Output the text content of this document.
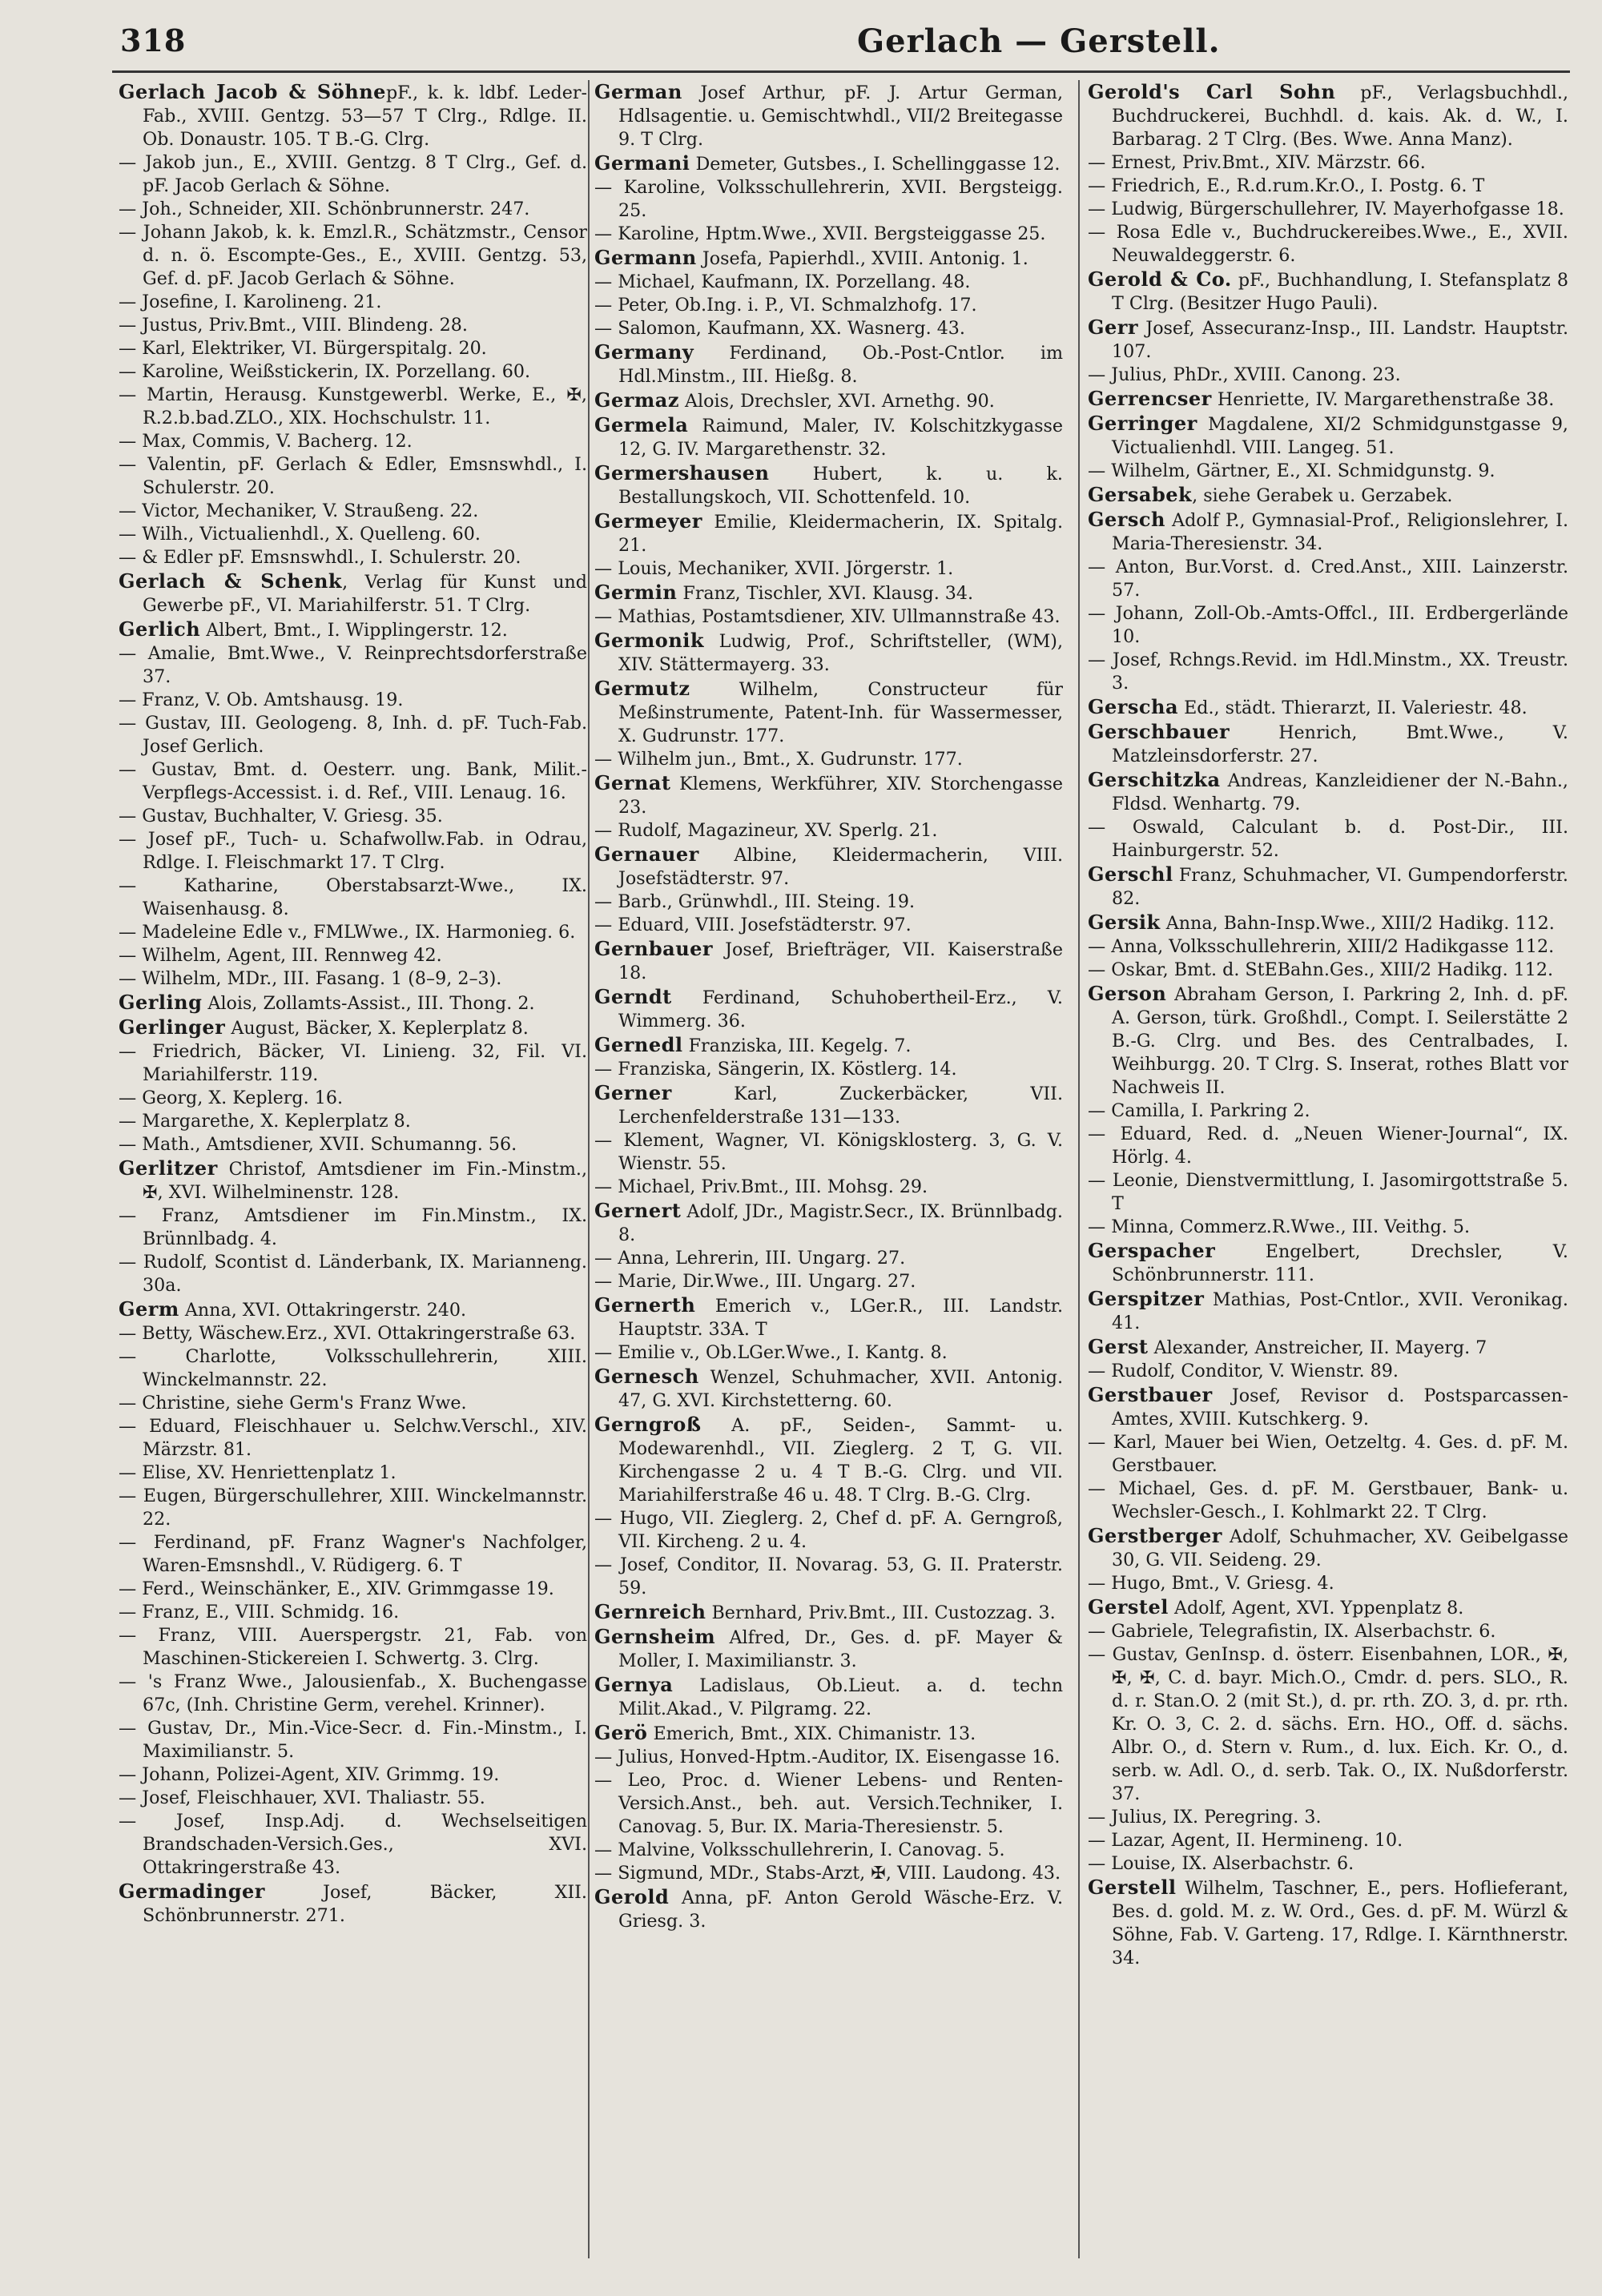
318	Gerlach — Gerstell.
Gerlach Jacob & SöhnepF., k. k. ldbf. Leder-Fab., XVIII. Gentzg. 53—57 T Clrg., Rdlge. II. Ob. Donaustr. 105. T B.-G. Clrg.
— Jakob jun., E., XVIII. Gentzg. 8 T Clrg., Gef. d. pF. Jacob Gerlach & Söhne.
— Joh., Schneider, XII. Schönbrunnerstr. 247.
— Johann Jakob, k. k. Emzl.R., Schätzmstr., Censor d. n. ö. Escompte-Ges., E., XVIII. Gentzg. 53, Gef. d. pF. Jacob Gerlach & Söhne.
— Josefine, I. Karolineng. 21.
— Justus, Priv.Bmt., VIII. Blindeng. 28.
— Karl, Elektriker, VI. Bürgerspitalg. 20.
— Karoline, Weißstickerin, IX. Porzellang. 60.
— Martin, Herausg. Kunstgewerbl. Werke, E., ✠, R.2.b.bad.ZLO., XIX. Hochschulstr. 11.
— Max, Commis, V. Bacherg. 12.
— Valentin, pF. Gerlach & Edler, Emsnswhdl., I. Schulerstr. 20.
— Victor, Mechaniker, V. Straußeng. 22.
— Wilh., Victualienhdl., X. Quelleng. 60.
— & Edler pF. Emsnswhdl., I. Schulerstr. 20.
Gerlach & Schenk, Verlag für Kunst und Gewerbe pF., VI. Mariahilferstr. 51. T Clrg.
Gerlich Albert, Bmt., I. Wipplingerstr. 12.
— Amalie, Bmt.Wwe., V. Reinprechtsdorferstraße 37.
— Franz, V. Ob. Amtshausg. 19.
— Gustav, III. Geologeng. 8, Inh. d. pF. Tuch-Fab. Josef Gerlich.
— Gustav, Bmt. d. Oesterr. ung. Bank, Milit.-Verpflegs-Accessist. i. d. Ref., VIII. Lenaug. 16.
— Gustav, Buchhalter, V. Griesg. 35.
— Josef pF., Tuch- u. Schafwollw.Fab. in Odrau, Rdlge. I. Fleischmarkt 17. T Clrg.
— Katharine, Oberstabsarzt-Wwe., IX. Waisenhausg. 8.
— Madeleine Edle v., FMLWwe., IX. Harmonieg. 6.
— Wilhelm, Agent, III. Rennweg 42.
— Wilhelm, MDr., III. Fasang. 1 (8–9, 2–3).
Gerling Alois, Zollamts-Assist., III. Thong. 2.
Gerlinger August, Bäcker, X. Keplerplatz 8.
— Friedrich, Bäcker, VI. Linieng. 32, Fil. VI. Mariahilferstr. 119.
— Georg, X. Keplerg. 16.
— Margarethe, X. Keplerplatz 8.
— Math., Amtsdiener, XVII. Schumanng. 56.
Gerlitzer Christof, Amtsdiener im Fin.-Minstm., ✠, XVI. Wilhelminenstr. 128.
— Franz, Amtsdiener im Fin.Minstm., IX. Brünnlbadg. 4.
— Rudolf, Scontist d. Länderbank, IX. Marianneng. 30a.
Germ Anna, XVI. Ottakringerstr. 240.
— Betty, Wäschew.Erz., XVI. Ottakringerstraße 63.
— Charlotte, Volksschullehrerin, XIII. Winckelmannstr. 22.
— Christine, siehe Germ's Franz Wwe.
— Eduard, Fleischhauer u. Selchw.Verschl., XIV. Märzstr. 81.
— Elise, XV. Henriettenplatz 1.
— Eugen, Bürgerschullehrer, XIII. Winckelmannstr. 22.
— Ferdinand, pF. Franz Wagner's Nachfolger, Waren-Emsnshdl., V. Rüdigerg. 6. T
— Ferd., Weinschänker, E., XIV. Grimmgasse 19.
— Franz, E., VIII. Schmidg. 16.
— Franz, VIII. Auerspergstr. 21, Fab. von Maschinen-Stickereien I. Schwertg. 3. Clrg.
— 's Franz Wwe., Jalousienfab., X. Buchengasse 67c, (Inh. Christine Germ, verehel. Krinner).
— Gustav, Dr., Min.-Vice-Secr. d. Fin.-Minstm., I. Maximilianstr. 5.
— Johann, Polizei-Agent, XIV. Grimmg. 19.
— Josef, Fleischhauer, XVI. Thaliastr. 55.
— Josef, Insp.Adj. d. Wechselseitigen Brandschaden-Versich.Ges., XVI. Ottakringerstraße 43.
Germadinger Josef, Bäcker, XII. Schönbrunnerstr. 271.
German Josef Arthur, pF. J. Artur German, Hdlsagentie. u. Gemischtwhdl., VII/2 Breitegasse 9. T Clrg.
Germani Demeter, Gutsbes., I. Schellinggasse 12.
— Karoline, Volksschullehrerin, XVII. Bergsteigg. 25.
— Karoline, Hptm.Wwe., XVII. Bergsteiggasse 25.
Germann Josefa, Papierhdl., XVIII. Antonig. 1.
— Michael, Kaufmann, IX. Porzellang. 48.
— Peter, Ob.Ing. i. P., VI. Schmalzhofg. 17.
— Salomon, Kaufmann, XX. Wasnerg. 43.
Germany Ferdinand, Ob.-Post-Cntlor. im Hdl.Minstm., III. Hießg. 8.
Germaz Alois, Drechsler, XVI. Arnethg. 90.
Germela Raimund, Maler, IV. Kolschitzkygasse 12, G. IV. Margarethenstr. 32.
Germershausen Hubert, k. u. k. Bestallungskoch, VII. Schottenfeld. 10.
Germeyer Emilie, Kleidermacherin, IX. Spitalg. 21.
— Louis, Mechaniker, XVII. Jörgerstr. 1.
Germin Franz, Tischler, XVI. Klausg. 34.
— Mathias, Postamtsdiener, XIV. Ullmannstraße 43.
Germonik Ludwig, Prof., Schriftsteller, (WM), XIV. Stättermayerg. 33.
Germutz Wilhelm, Constructeur für Meßinstrumente, Patent-Inh. für Wassermesser, X. Gudrunstr. 177.
— Wilhelm jun., Bmt., X. Gudrunstr. 177.
Gernat Klemens, Werkführer, XIV. Storchengasse 23.
— Rudolf, Magazineur, XV. Sperlg. 21.
Gernauer Albine, Kleidermacherin, VIII. Josefstädterstr. 97.
— Barb., Grünwhdl., III. Steing. 19.
— Eduard, VIII. Josefstädterstr. 97.
Gernbauer Josef, Briefträger, VII. Kaiserstraße 18.
Gerndt Ferdinand, Schuhobertheil-Erz., V. Wimmerg. 36.
Gernedl Franziska, III. Kegelg. 7.
— Franziska, Sängerin, IX. Köstlerg. 14.
Gerner Karl, Zuckerbäcker, VII. Lerchenfelderstraße 131—133.
— Klement, Wagner, VI. Königsklosterg. 3, G. V. Wienstr. 55.
— Michael, Priv.Bmt., III. Mohsg. 29.
Gernert Adolf, JDr., Magistr.Secr., IX. Brünnlbadg. 8.
— Anna, Lehrerin, III. Ungarg. 27.
— Marie, Dir.Wwe., III. Ungarg. 27.
Gernerth Emerich v., LGer.R., III. Landstr. Hauptstr. 33A. T
— Emilie v., Ob.LGer.Wwe., I. Kantg. 8.
Gernesch Wenzel, Schuhmacher, XVII. Antonig. 47, G. XVI. Kirchstetterng. 60.
Gerngroß A. pF., Seiden-, Sammt- u. Modewarenhdl., VII. Zieglerg. 2 T, G. VII. Kirchengasse 2 u. 4 T B.-G. Clrg. und VII. Mariahilferstraße 46 u. 48. T Clrg. B.-G. Clrg.
— Hugo, VII. Zieglerg. 2, Chef d. pF. A. Gerngroß, VII. Kircheng. 2 u. 4.
— Josef, Conditor, II. Novarag. 53, G. II. Praterstr. 59.
Gernreich Bernhard, Priv.Bmt., III. Custozzag. 3.
Gernsheim Alfred, Dr., Ges. d. pF. Mayer & Moller, I. Maximilianstr. 3.
Gernya Ladislaus, Ob.Lieut. a. d. techn Milit.Akad., V. Pilgramg. 22.
Gerö Emerich, Bmt., XIX. Chimanistr. 13.
— Julius, Honved-Hptm.-Auditor, IX. Eisengasse 16.
— Leo, Proc. d. Wiener Lebens- und Renten-Versich.Anst., beh. aut. Versich.Techniker, I. Canovag. 5, Bur. IX. Maria-Theresienstr. 5.
— Malvine, Volksschullehrerin, I. Canovag. 5.
— Sigmund, MDr., Stabs-Arzt, ✠, VIII. Laudong. 43.
Gerold Anna, pF. Anton Gerold Wäsche-Erz. V. Griesg. 3.
Gerold's Carl Sohn pF., Verlagsbuchhdl., Buchdruckerei, Buchhdl. d. kais. Ak. d. W., I. Barbarag. 2 T Clrg. (Bes. Wwe. Anna Manz).
— Ernest, Priv.Bmt., XIV. Märzstr. 66.
— Friedrich, E., R.d.rum.Kr.O., I. Postg. 6. T
— Ludwig, Bürgerschullehrer, IV. Mayerhofgasse 18.
— Rosa Edle v., Buchdruckereibes.Wwe., E., XVII. Neuwaldeggerstr. 6.
Gerold & Co. pF., Buchhandlung, I. Stefansplatz 8 T Clrg. (Besitzer Hugo Pauli).
Gerr Josef, Assecuranz-Insp., III. Landstr. Hauptstr. 107.
— Julius, PhDr., XVIII. Canong. 23.
Gerrencser Henriette, IV. Margarethenstraße 38.
Gerringer Magdalene, XI/2 Schmidgunstgasse 9, Victualienhdl. VIII. Langeg. 51.
— Wilhelm, Gärtner, E., XI. Schmidgunstg. 9.
Gersabek, siehe Gerabek u. Gerzabek.
Gersch Adolf P., Gymnasial-Prof., Religionslehrer, I. Maria-Theresienstr. 34.
— Anton, Bur.Vorst. d. Cred.Anst., XIII. Lainzerstr. 57.
— Johann, Zoll-Ob.-Amts-Offcl., III. Erdbergerlände 10.
— Josef, Rchngs.Revid. im Hdl.Minstm., XX. Treustr. 3.
Gerscha Ed., städt. Thierarzt, II. Valeriestr. 48.
Gerschbauer Henrich, Bmt.Wwe., V. Matzleinsdorferstr. 27.
Gerschitzka Andreas, Kanzleidiener der N.-Bahn., Fldsd. Wenhartg. 79.
— Oswald, Calculant b. d. Post-Dir., III. Hainburgerstr. 52.
Gerschl Franz, Schuhmacher, VI. Gumpendorferstr. 82.
Gersik Anna, Bahn-Insp.Wwe., XIII/2 Hadikg. 112.
— Anna, Volksschullehrerin, XIII/2 Hadikgasse 112.
— Oskar, Bmt. d. StEBahn.Ges., XIII/2 Hadikg. 112.
Gerson Abraham Gerson, I. Parkring 2, Inh. d. pF. A. Gerson, türk. Großhdl., Compt. I. Seilerstätte 2 B.-G. Clrg. und Bes. des Centralbades, I. Weihburgg. 20. T Clrg. S. Inserat, rothes Blatt vor Nachweis II.
— Camilla, I. Parkring 2.
— Eduard, Red. d. „Neuen Wiener-Journal“, IX. Hörlg. 4.
— Leonie, Dienstvermittlung, I. Jasomirgottstraße 5. T
— Minna, Commerz.R.Wwe., III. Veithg. 5.
Gerspacher Engelbert, Drechsler, V. Schönbrunnerstr. 111.
Gerspitzer Mathias, Post-Cntlor., XVII. Veronikag. 41.
Gerst Alexander, Anstreicher, II. Mayerg. 7
— Rudolf, Conditor, V. Wienstr. 89.
Gerstbauer Josef, Revisor d. Postsparcassen-Amtes, XVIII. Kutschkerg. 9.
— Karl, Mauer bei Wien, Oetzeltg. 4. Ges. d. pF. M. Gerstbauer.
— Michael, Ges. d. pF. M. Gerstbauer, Bank- u. Wechsler-Gesch., I. Kohlmarkt 22. T Clrg.
Gerstberger Adolf, Schuhmacher, XV. Geibelgasse 30, G. VII. Seideng. 29.
— Hugo, Bmt., V. Griesg. 4.
Gerstel Adolf, Agent, XVI. Yppenplatz 8.
— Gabriele, Telegrafistin, IX. Alserbachstr. 6.
— Gustav, GenInsp. d. österr. Eisenbahnen, LOR., ✠, ✠, ✠, C. d. bayr. Mich.O., Cmdr. d. pers. SLO., R. d. r. Stan.O. 2 (mit St.), d. pr. rth. ZO. 3, d. pr. rth. Kr. O. 3, C. 2. d. sächs. Ern. HO., Off. d. sächs. Albr. O., d. Stern v. Rum., d. lux. Eich. Kr. O., d. serb. w. Adl. O., d. serb. Tak. O., IX. Nußdorferstr. 37.
— Julius, IX. Peregring. 3.
— Lazar, Agent, II. Hermineng. 10.
— Louise, IX. Alserbachstr. 6.
Gerstell Wilhelm, Taschner, E., pers. Hoflieferant, Bes. d. gold. M. z. W. Ord., Ges. d. pF. M. Würzl & Söhne, Fab. V. Garteng. 17, Rdlge. I. Kärnthnerstr. 34.
